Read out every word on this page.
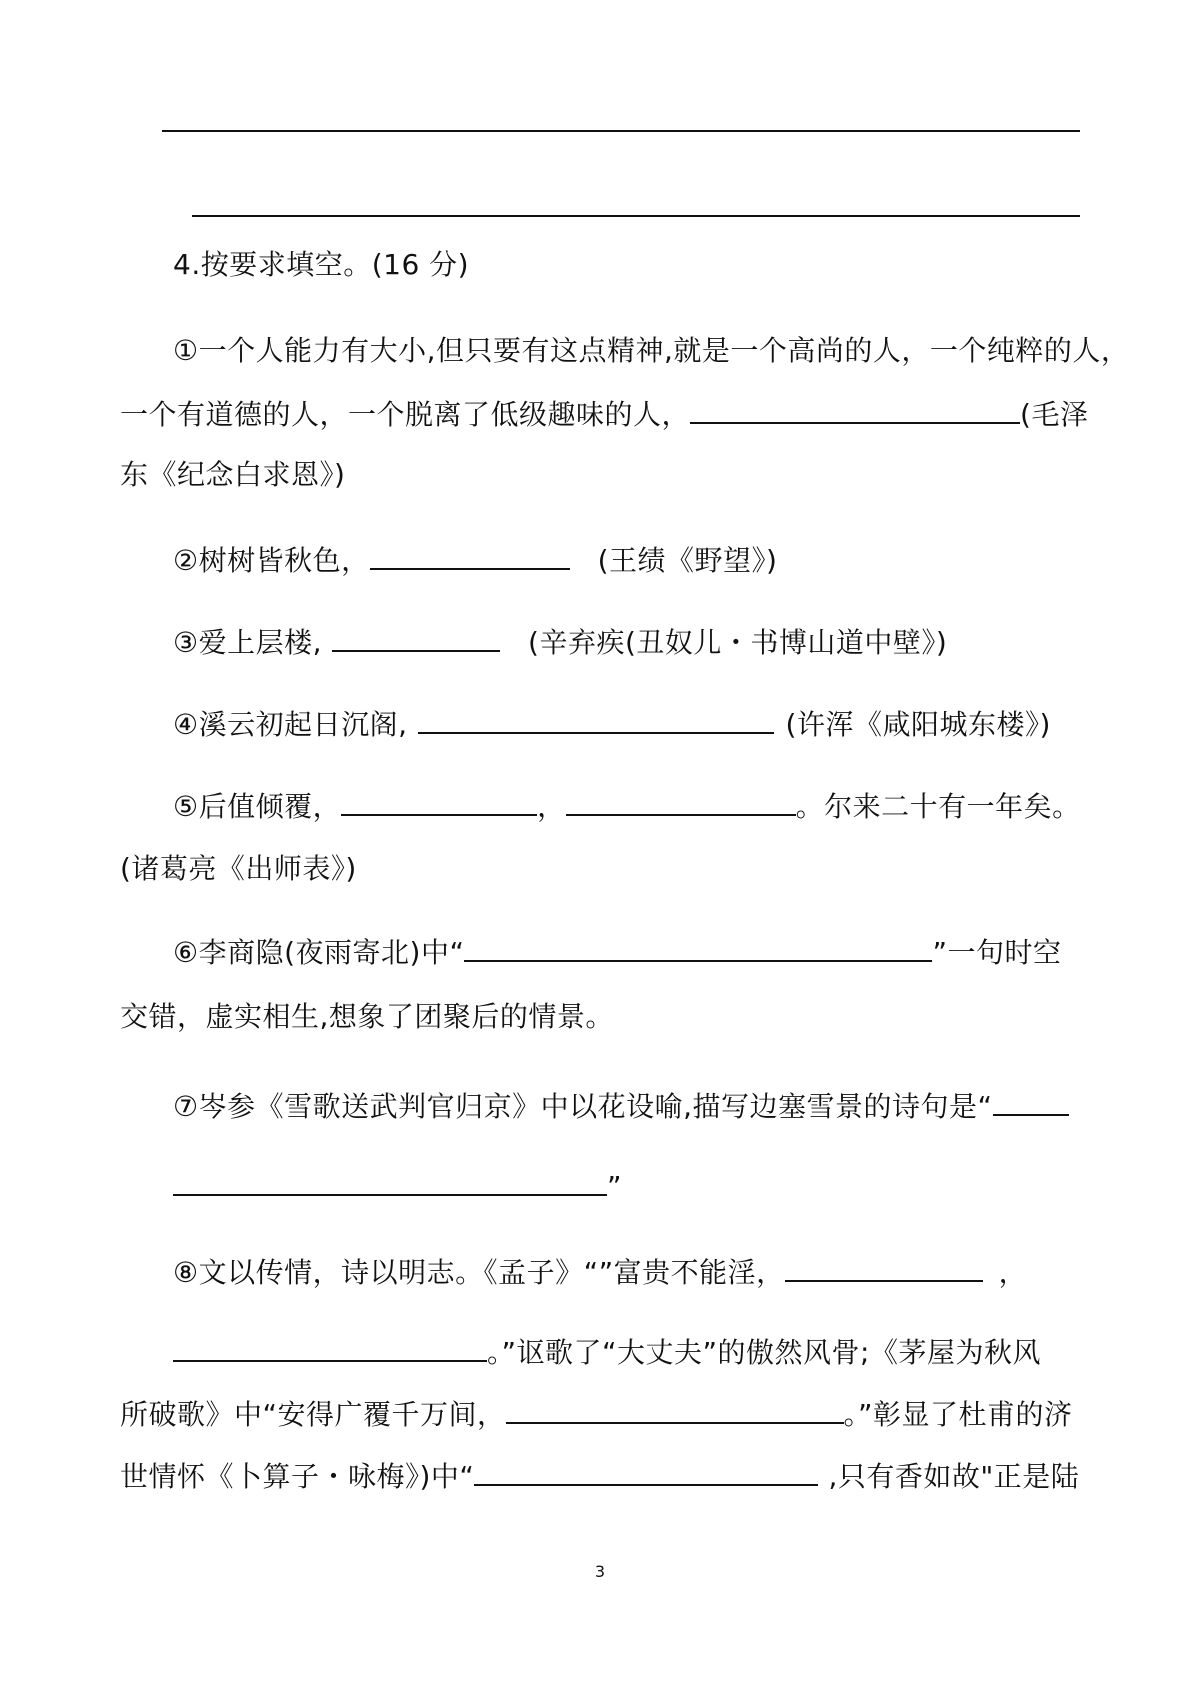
4.按要求填空。(16 分)
①一个人能力有大小,但只要有这点精神,就是一个高尚的人，一个纯粹的人，
一个有道德的人，一个脱离了低级趣味的人，	(毛泽
东《纪念白求恩》)
②树树皆秋色，	(王绩《野望》)
③爱上层楼,	(辛弃疾(丑奴儿・书博山道中壁》)
④溪云初起日沉阁,	(许浑《咸阳城东楼》)
⑤后值倾覆，	，	。尔来二十有一年矣。
(诸葛亮《出师表》)
⑥李商隐(夜雨寄北)中“	”一句时空
交错，虚实相生,想象了团聚后的情景。
⑦岑参《雪歌送武判官归京》中以花设喻,描写边塞雪景的诗句是“
”
⑧文以传情，诗以明志。《孟子》“”富贵不能淫，	，
。”讴歌了“大丈夫”的傲然风骨;《茅屋为秋风
所破歌》中“安得广覆千万间，	。”彰显了杜甫的济
世情怀《卜算子・咏梅》)中“	,只有香如故"正是陆
3
